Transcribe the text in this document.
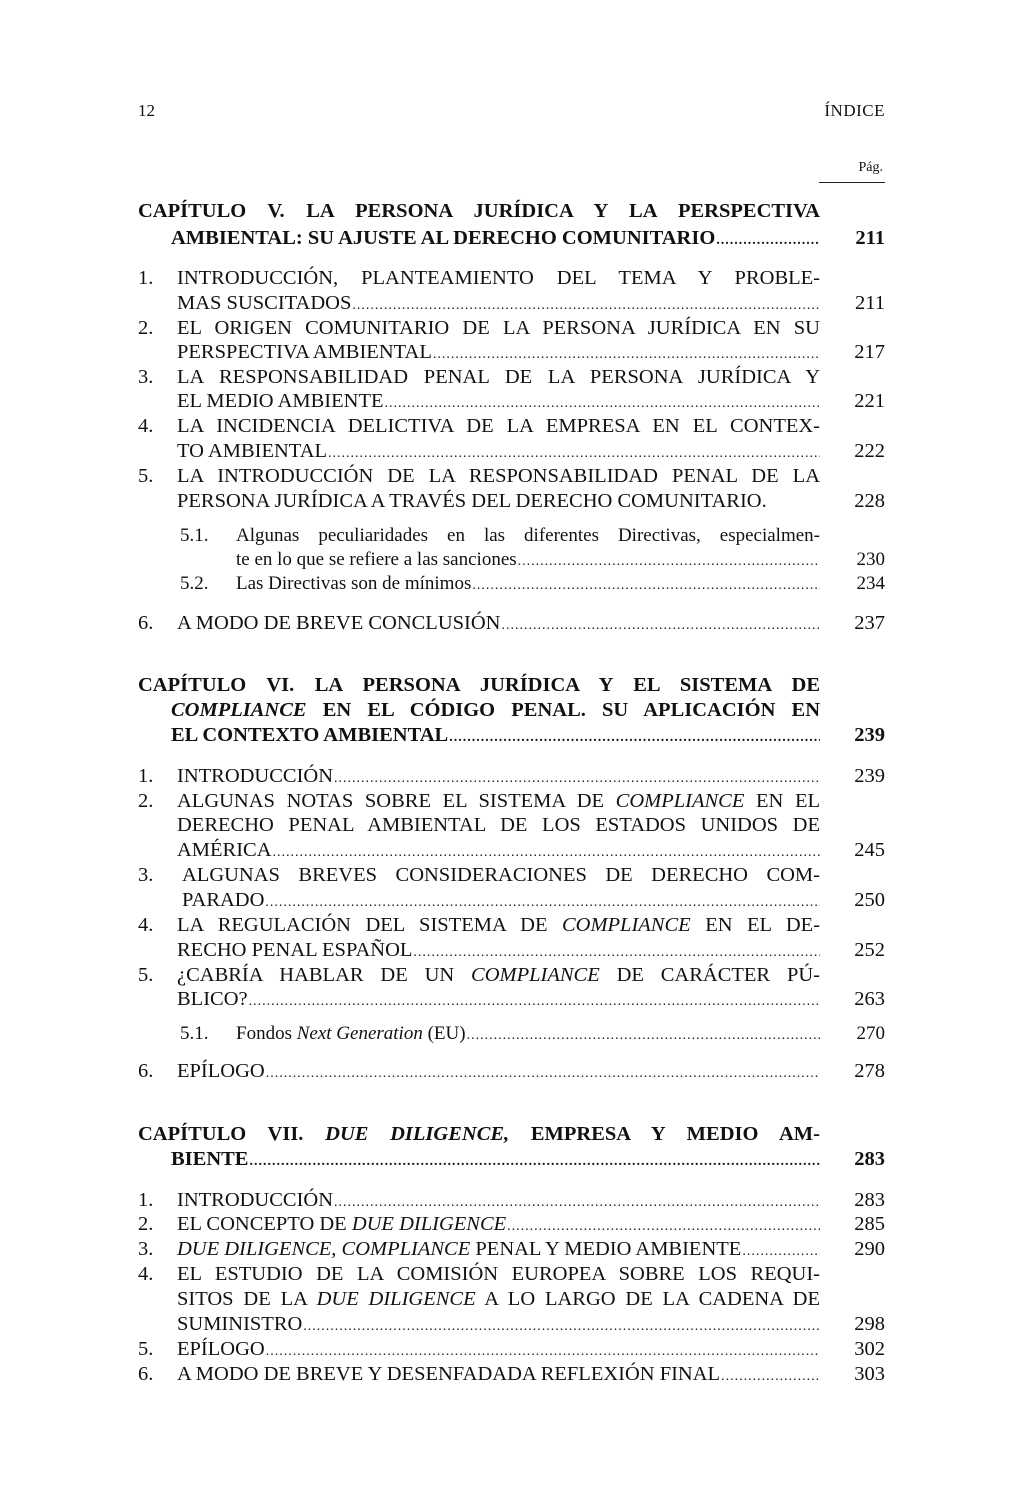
12	ÍNDICE
Pág.
CAPÍTULO V. LA PERSONA JURÍDICA Y LA PERSPECTIVA
AMBIENTAL: SU AJUSTE AL DERECHO COMUNITARIO .....	211
1. INTRODUCCIÓN, PLANTEAMIENTO DEL TEMA Y PROBLE-
MAS SUSCITADOS .....	211
2. EL ORIGEN COMUNITARIO DE LA PERSONA JURÍDICA EN SU
PERSPECTIVA AMBIENTAL .....	217
3. LA RESPONSABILIDAD PENAL DE LA PERSONA JURÍDICA Y
EL MEDIO AMBIENTE .....	221
4. LA INCIDENCIA DELICTIVA DE LA EMPRESA EN EL CONTEX-
TO AMBIENTAL .....	222
5. LA INTRODUCCIÓN DE LA RESPONSABILIDAD PENAL DE LA
PERSONA JURÍDICA A TRAVÉS DEL DERECHO COMUNITARIO.	228
5.1. Algunas peculiaridades en las diferentes Directivas, especialmen-
te en lo que se refiere a las sanciones .....	230
5.2. Las Directivas son de mínimos .....	234
6. A MODO DE BREVE CONCLUSIÓN .....	237
CAPÍTULO VI. LA PERSONA JURÍDICA Y EL SISTEMA DE
COMPLIANCE EN EL CÓDIGO PENAL. SU APLICACIÓN EN
EL CONTEXTO AMBIENTAL .....	239
1. INTRODUCCIÓN .....	239
2. ALGUNAS NOTAS SOBRE EL SISTEMA DE COMPLIANCE EN EL
DERECHO PENAL AMBIENTAL DE LOS ESTADOS UNIDOS DE
AMÉRICA .....	245
3. ALGUNAS BREVES CONSIDERACIONES DE DERECHO COM-
PARADO .....	250
4. LA REGULACIÓN DEL SISTEMA DE COMPLIANCE EN EL DE-
RECHO PENAL ESPAÑOL .....	252
5. ¿CABRÍA HABLAR DE UN COMPLIANCE DE CARÁCTER PÚ-
BLICO? .....	263
5.1. Fondos Next Generation (EU) .....	270
6. EPÍLOGO .....	278
CAPÍTULO VII. DUE DILIGENCE, EMPRESA Y MEDIO AM-
BIENTE .....	283
1. INTRODUCCIÓN .....	283
2. EL CONCEPTO DE DUE DILIGENCE .....	285
3. DUE DILIGENCE, COMPLIANCE PENAL Y MEDIO AMBIENTE .....	290
4. EL ESTUDIO DE LA COMISIÓN EUROPEA SOBRE LOS REQUI-
SITOS DE LA DUE DILIGENCE A LO LARGO DE LA CADENA DE
SUMINISTRO .....	298
5. EPÍLOGO .....	302
6. A MODO DE BREVE Y DESENFADADA REFLEXIÓN FINAL .....	303
